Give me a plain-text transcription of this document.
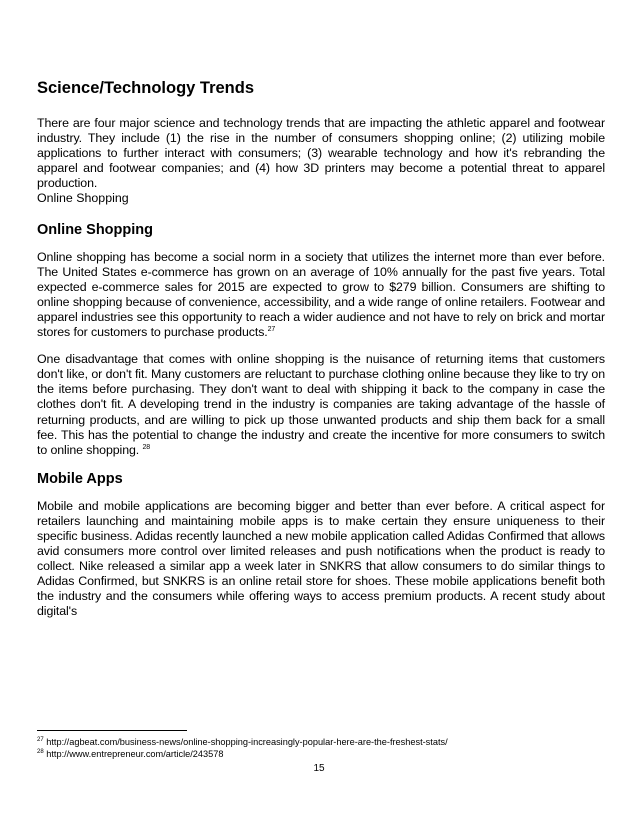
Science/Technology Trends

There are four major science and technology trends that are impacting the athletic apparel and footwear industry. They include (1) the rise in the number of consumers shopping online; (2) utilizing mobile applications to further interact with consumers; (3) wearable technology and how it's rebranding the apparel and footwear companies; and (4) how 3D printers may become a potential threat to apparel production.

Online Shopping
Online Shopping

Online shopping has become a social norm in a society that utilizes the internet more than ever before. The United States e-commerce has grown on an average of 10% annually for the past five years. Total expected e-commerce sales for 2015 are expected to grow to $279 billion. Consumers are shifting to online shopping because of convenience, accessibility, and a wide range of online retailers. Footwear and apparel industries see this opportunity to reach a wider audience and not have to rely on brick and mortar stores for customers to purchase products.$^{27}$

One disadvantage that comes with online shopping is the nuisance of returning items that customers don't like, or don't fit. Many customers are reluctant to purchase clothing online because they like to try on the items before purchasing. They don't want to deal with shipping it back to the company in case the clothes don't fit. A developing trend in the industry is companies are taking advantage of the hassle of returning products, and are willing to pick up those unwanted products and ship them back for a small fee. This has the potential to change the industry and create the incentive for more consumers to switch to online shopping. $^{28}$

Mobile Apps

Mobile and mobile applications are becoming bigger and better than ever before. A critical aspect for retailers launching and maintaining mobile apps is to make certain they ensure uniqueness to their specific business. Adidas recently launched a new mobile application called Adidas Confirmed that allows avid consumers more control over limited releases and push notifications when the product is ready to collect. Nike released a similar app a week later in SNKRS that allow consumers to do similar things to Adidas Confirmed, but SNKRS is an online retail store for shoes. These mobile applications benefit both the industry and the consumers while offering ways to access premium products. A recent study about digital's

$^{27}$ http://agbeat.com/business-news/online-shopping-increasingly-popular-here-are-the-freshest-stats/
$^{28}$ http://www.entrepreneur.com/article/243578
15
